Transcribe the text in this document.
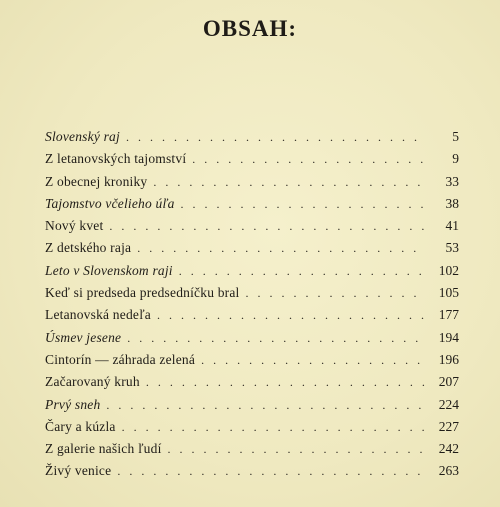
OBSAH:
Slovenský raj . . .	5
Z letanovských tajomství . . .	9
Z obecnej kroniky . . .	33
Tajomstvo včelieho úľa . . .	38
Nový kvet . . .	41
Z detského raja . . .	53
Leto v Slovenskom raji . . .	102
Keď si predseda predsedníčku bral . . .	105
Letanovská nedeľa . . .	177
Úsmev jesene . . .	194
Cintorín — záhrada zelená . . .	196
Začarovaný kruh . . .	207
Prvý sneh . . .	224
Čary a kúzla . . .	227
Z galerie našich ľudí . . .	242
Živý venice . . .	263
